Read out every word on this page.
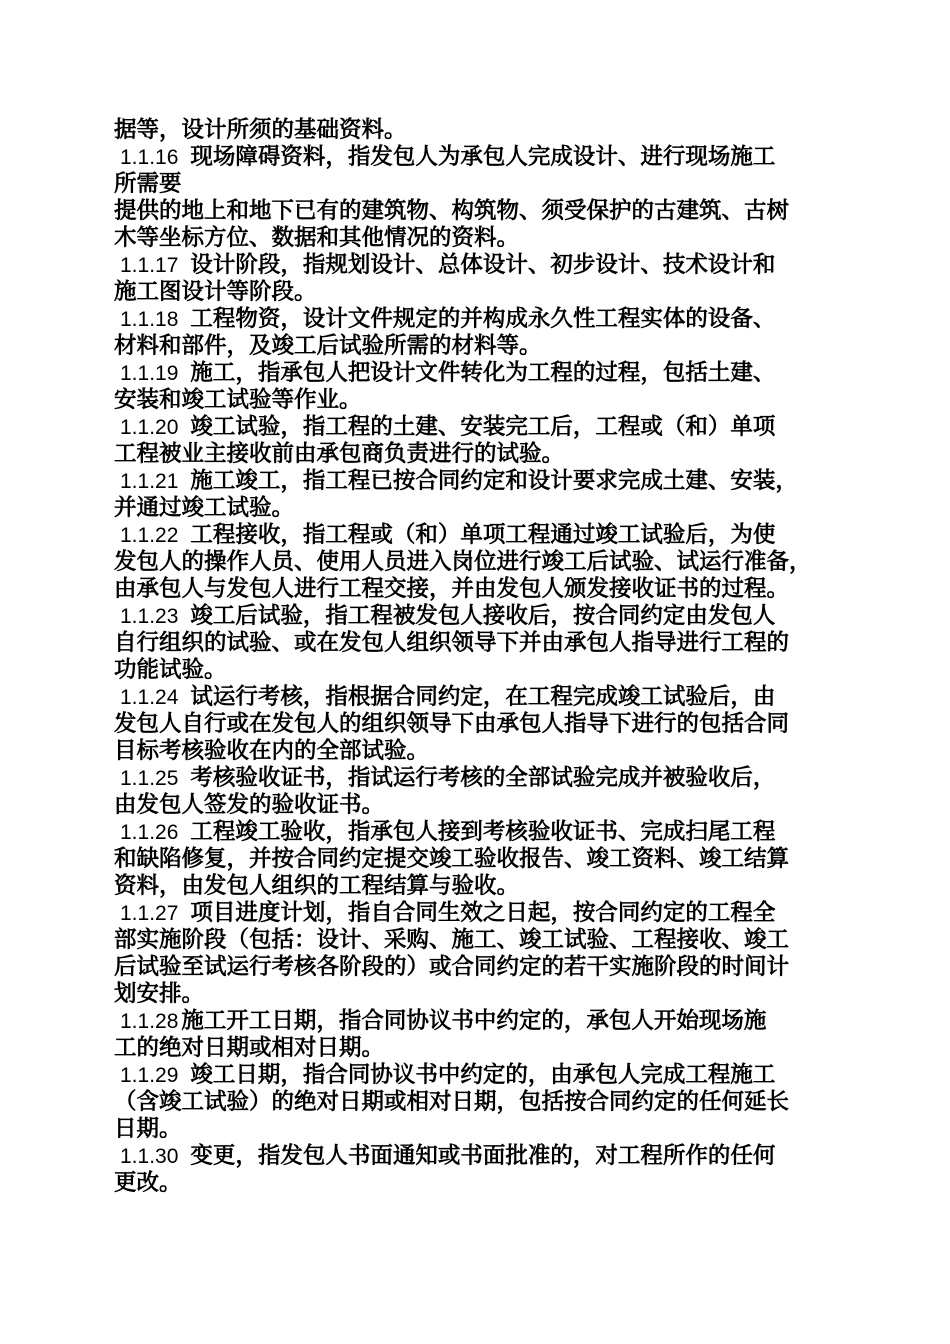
据等，设计所须的基础资料。
1.1.16 现场障碍资料，指发包人为承包人完成设计、进行现场施工
所需要
提供的地上和地下已有的建筑物、构筑物、须受保护的古建筑、古树
木等坐标方位、数据和其他情况的资料。
1.1.17 设计阶段，指规划设计、总体设计、初步设计、技术设计和
施工图设计等阶段。
1.1.18 工程物资，设计文件规定的并构成永久性工程实体的设备、
材料和部件，及竣工后试验所需的材料等。
1.1.19 施工，指承包人把设计文件转化为工程的过程，包括土建、
安装和竣工试验等作业。
1.1.20 竣工试验，指工程的土建、安装完工后，工程或（和）单项
工程被业主接收前由承包商负责进行的试验。
1.1.21 施工竣工，指工程已按合同约定和设计要求完成土建、安装，
并通过竣工试验。
1.1.22 工程接收，指工程或（和）单项工程通过竣工试验后，为使
发包人的操作人员、使用人员进入岗位进行竣工后试验、试运行准备，
由承包人与发包人进行工程交接，并由发包人颁发接收证书的过程。
1.1.23 竣工后试验，指工程被发包人接收后，按合同约定由发包人
自行组织的试验、或在发包人组织领导下并由承包人指导进行工程的
功能试验。
1.1.24 试运行考核，指根据合同约定，在工程完成竣工试验后，由
发包人自行或在发包人的组织领导下由承包人指导下进行的包括合同
目标考核验收在内的全部试验。
1.1.25 考核验收证书，指试运行考核的全部试验完成并被验收后，
由发包人签发的验收证书。
1.1.26 工程竣工验收，指承包人接到考核验收证书、完成扫尾工程
和缺陷修复，并按合同约定提交竣工验收报告、竣工资料、竣工结算
资料，由发包人组织的工程结算与验收。
1.1.27 项目进度计划，指自合同生效之日起，按合同约定的工程全
部实施阶段（包括：设计、采购、施工、竣工试验、工程接收、竣工
后试验至试运行考核各阶段的）或合同约定的若干实施阶段的时间计
划安排。
1.1.28 施工开工日期，指合同协议书中约定的，承包人开始现场施
工的绝对日期或相对日期。
1.1.29 竣工日期，指合同协议书中约定的，由承包人完成工程施工
（含竣工试验）的绝对日期或相对日期，包括按合同约定的任何延长
日期。
1.1.30 变更，指发包人书面通知或书面批准的，对工程所作的任何
更改。
